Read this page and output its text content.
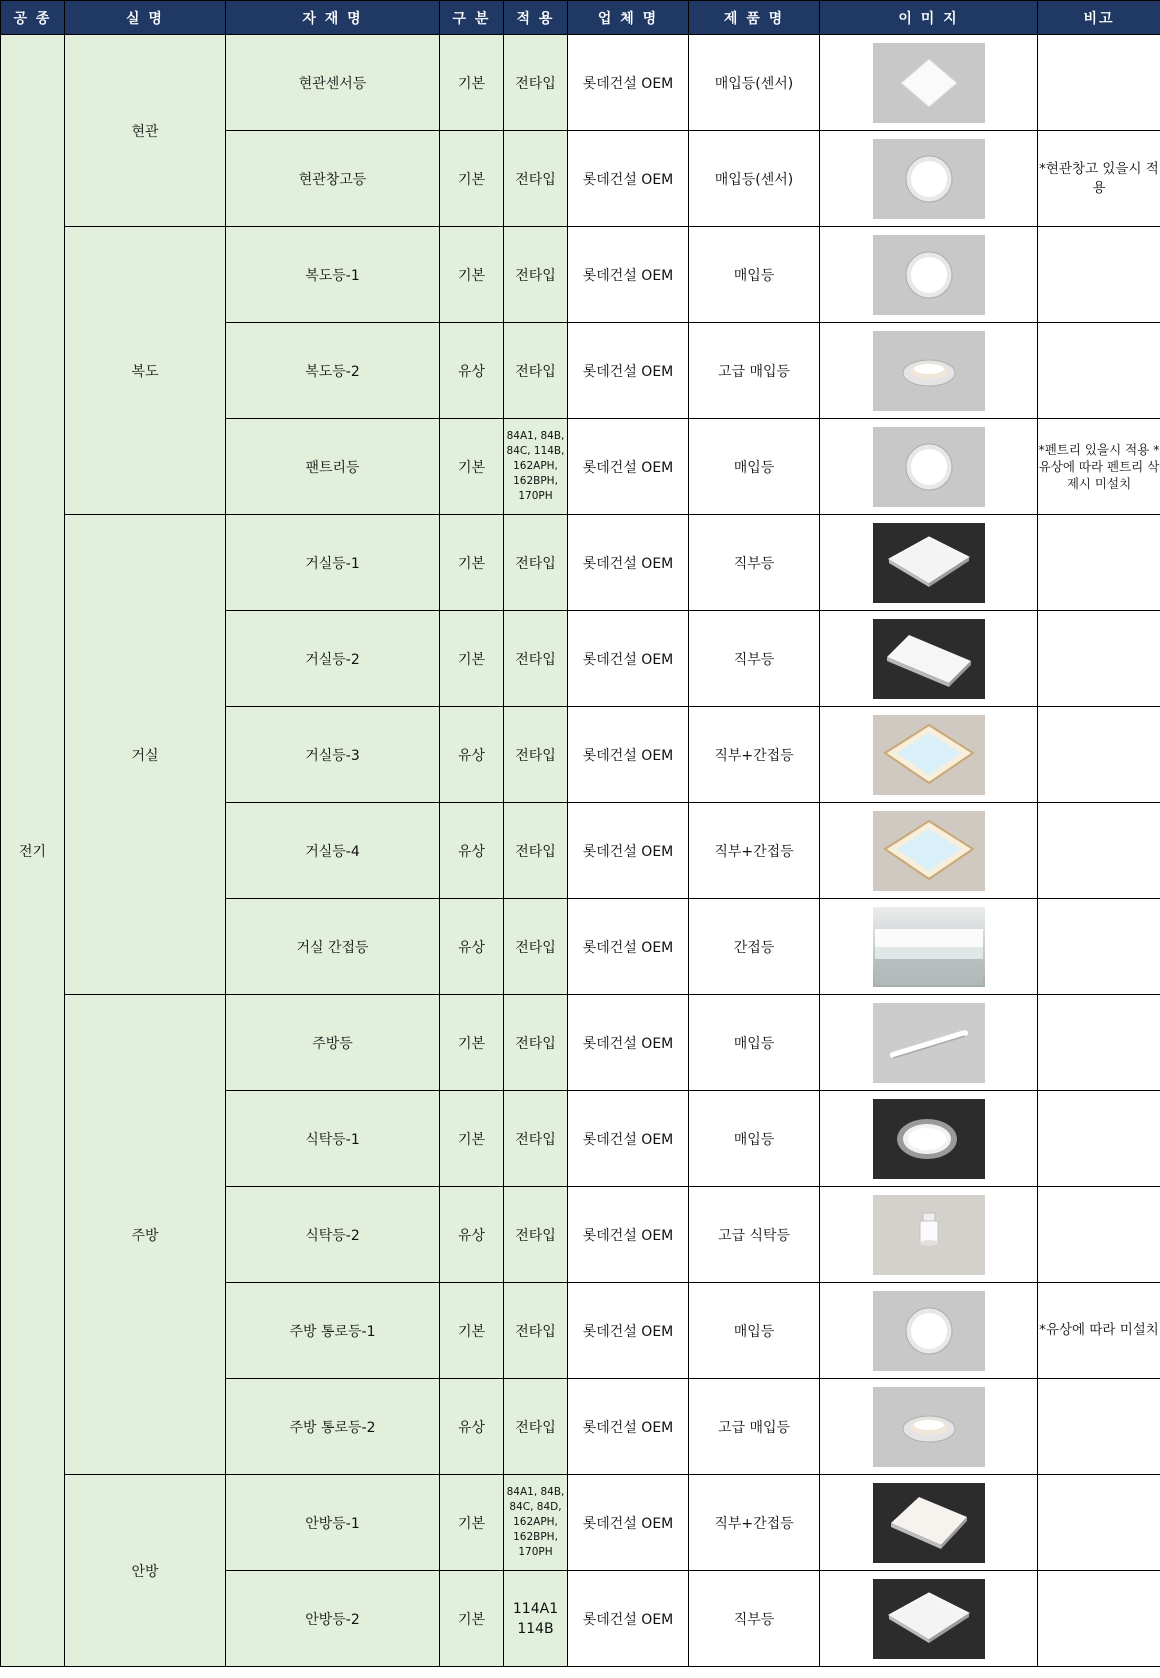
공 종	실 명	자 재 명	구 분	적 용	업 체 명	제 품 명	이 미 지	비고
전기	현관	현관센서등	기본	전타입	롯데건설 OEM	매입등(센서)	

		현관창고등	기본	전타입	롯데건설 OEM	매입등(센서)		*현관창고 있을시 적용
	복도	복도등-1	기본	전타입	롯데건설 OEM	매입등	

		복도등-2	유상	전타입	롯데건설 OEM	고급 매입등	

		팬트리등	기본	84A1, 84B, 84C, 114B, 162APH, 162BPH, 170PH	롯데건설 OEM	매입등		*펜트리 있을시 적용 *유상에 따라 펜트리 삭제시 미설치
	거실	거실등-1	기본	전타입	롯데건설 OEM	직부등	

		거실등-2	기본	전타입	롯데건설 OEM	직부등	

		거실등-3	유상	전타입	롯데건설 OEM	직부+간접등	

		거실등-4	유상	전타입	롯데건설 OEM	직부+간접등	

		거실 간접등	유상	전타입	롯데건설 OEM	간접등	

	주방	주방등	기본	전타입	롯데건설 OEM	매입등	

		식탁등-1	기본	전타입	롯데건설 OEM	매입등	

		식탁등-2	유상	전타입	롯데건설 OEM	고급 식탁등	

		주방 통로등-1	기본	전타입	롯데건설 OEM	매입등		*유상에 따라 미설치
		주방 통로등-2	유상	전타입	롯데건설 OEM	고급 매입등	

	안방	안방등-1	기본	84A1, 84B, 84C, 84D, 162APH, 162BPH, 170PH	롯데건설 OEM	직부+간접등	

		안방등-2	기본	114A1 114B	롯데건설 OEM	직부등	
